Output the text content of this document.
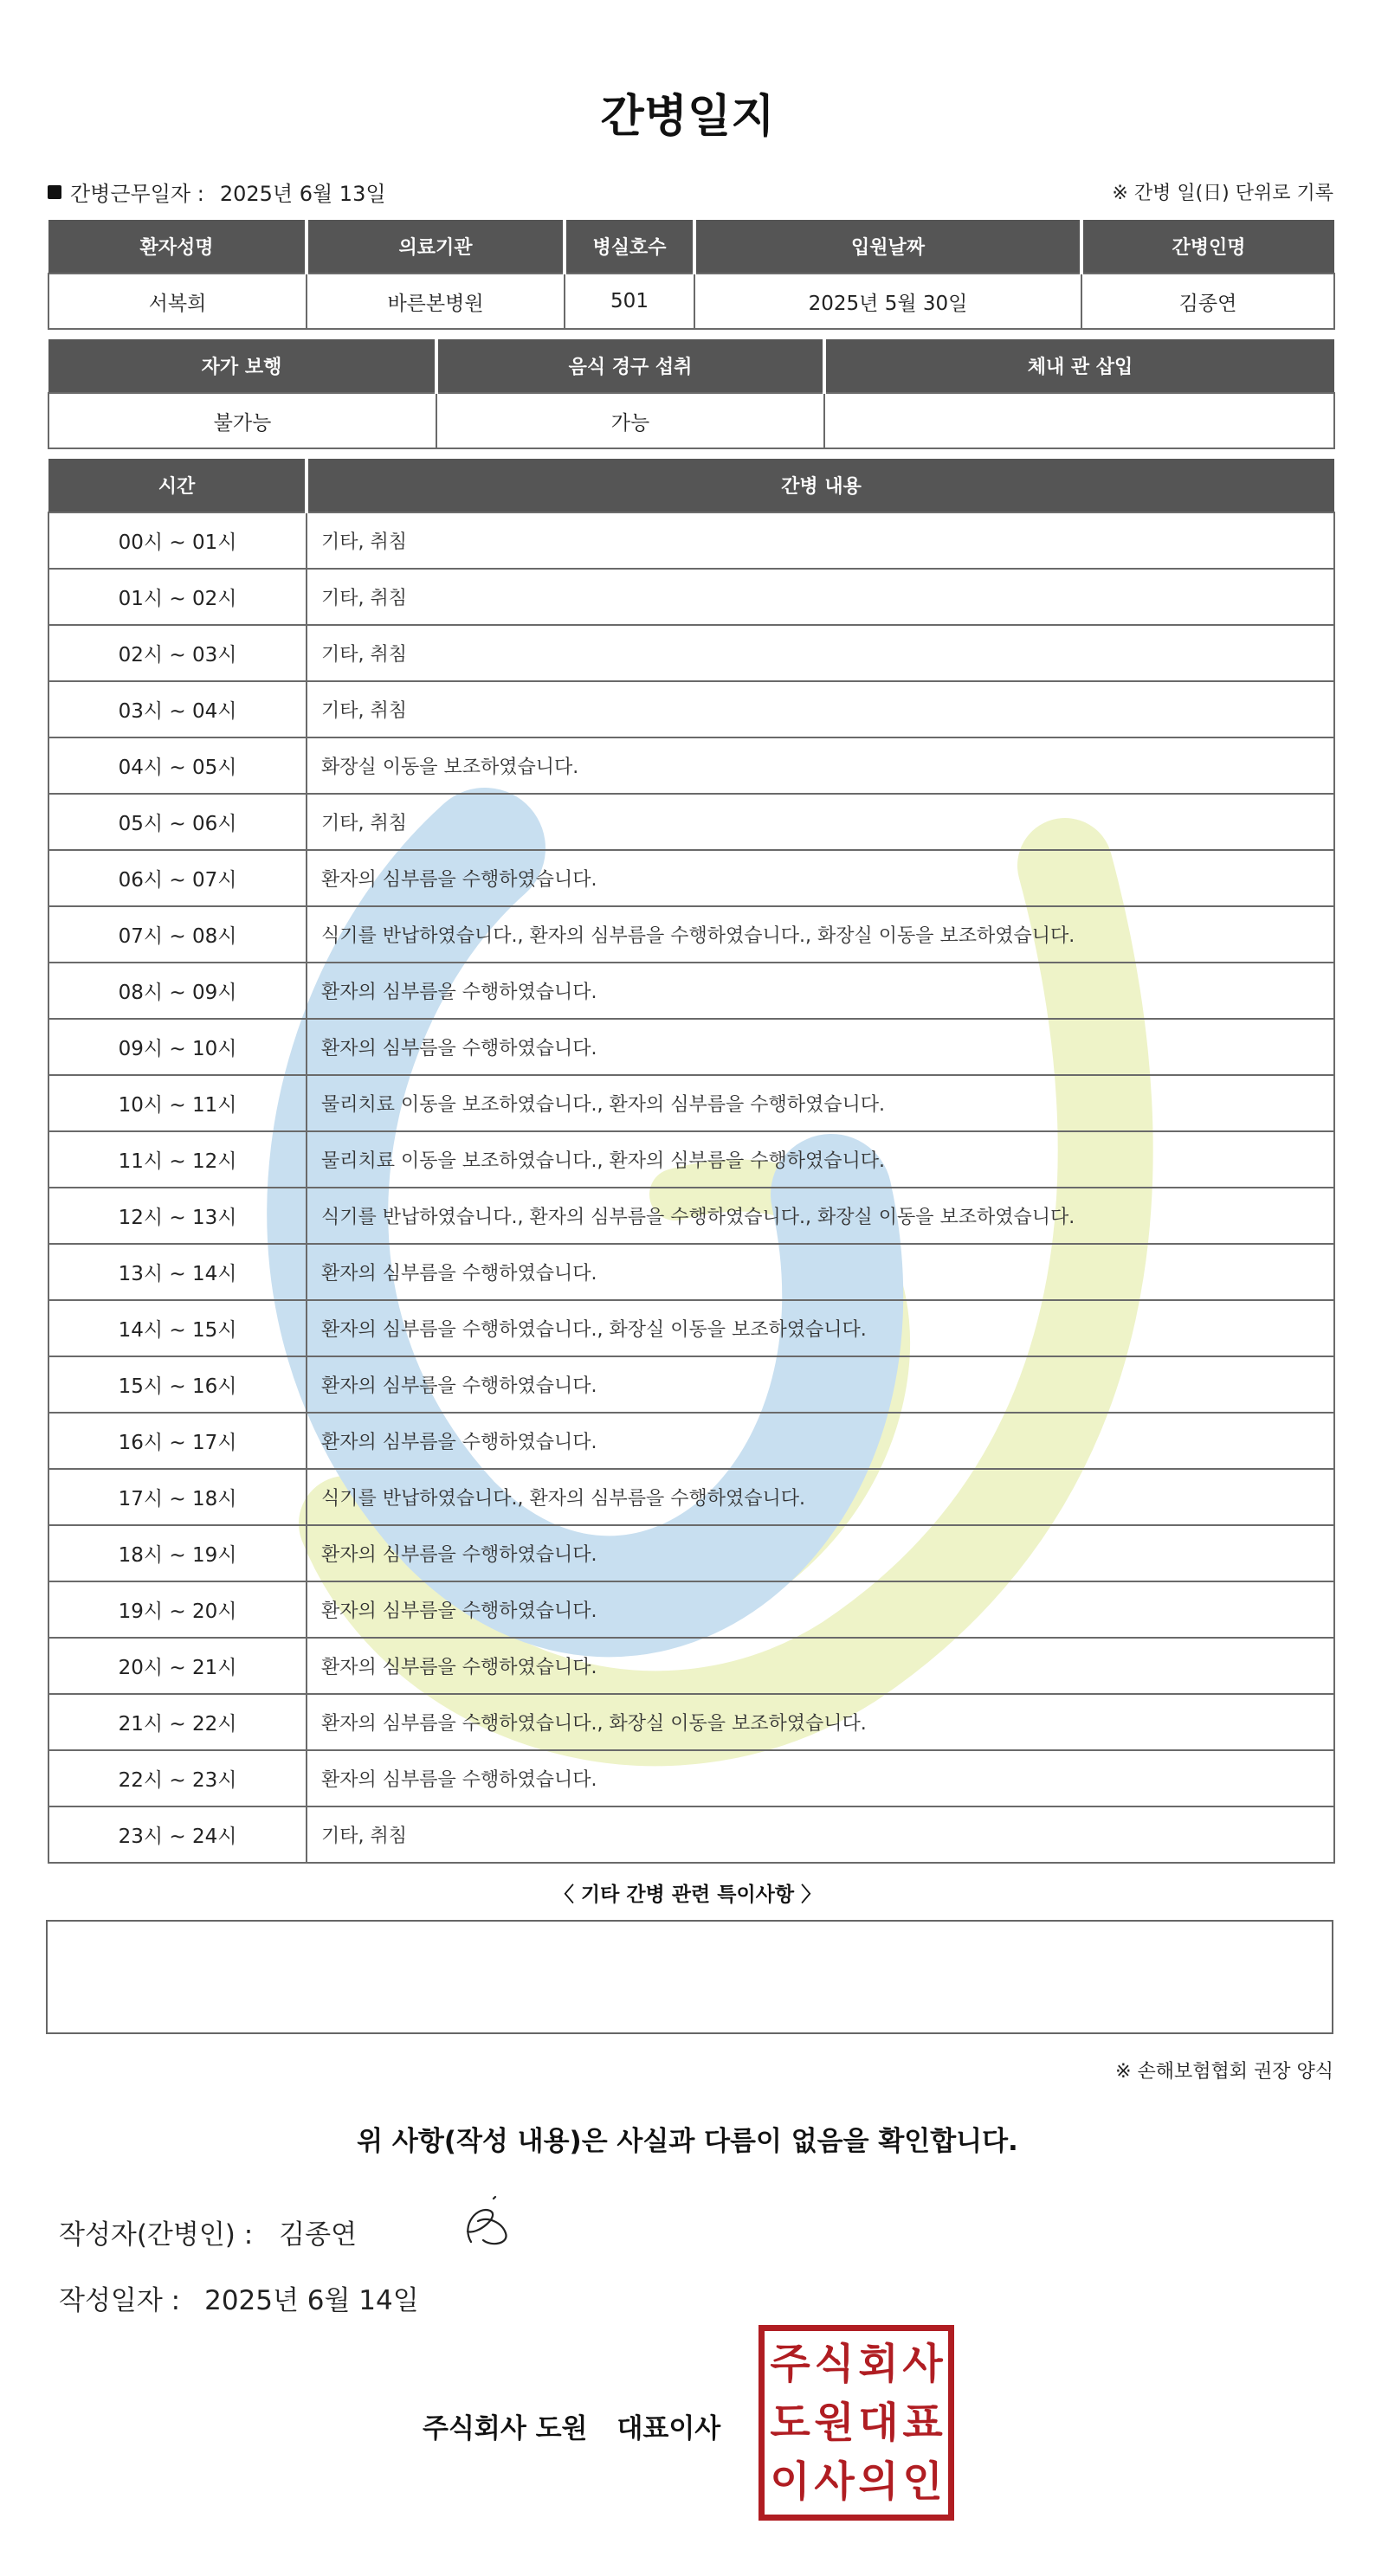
간병일지
간병근무일자 : 2025년 6월 13일	※ 간병 일(日) 단위로 기록
환자성명	의료기관	병실호수	입원날짜	간병인명
서복희	바른본병원	501	2025년 5월 30일	김종연
자가 보행	음식 경구 섭취	체내 관 삽입
불가능	가능	
시간	간병 내용
00시 ~ 01시	기타, 취침
01시 ~ 02시	기타, 취침
02시 ~ 03시	기타, 취침
03시 ~ 04시	기타, 취침
04시 ~ 05시	화장실 이동을 보조하였습니다.
05시 ~ 06시	기타, 취침
06시 ~ 07시	환자의 심부름을 수행하였습니다.
07시 ~ 08시	식기를 반납하였습니다., 환자의 심부름을 수행하였습니다., 화장실 이동을 보조하였습니다.
08시 ~ 09시	환자의 심부름을 수행하였습니다.
09시 ~ 10시	환자의 심부름을 수행하였습니다.
10시 ~ 11시	물리치료 이동을 보조하였습니다., 환자의 심부름을 수행하였습니다.
11시 ~ 12시	물리치료 이동을 보조하였습니다., 환자의 심부름을 수행하였습니다.
12시 ~ 13시	식기를 반납하였습니다., 환자의 심부름을 수행하였습니다., 화장실 이동을 보조하였습니다.
13시 ~ 14시	환자의 심부름을 수행하였습니다.
14시 ~ 15시	환자의 심부름을 수행하였습니다., 화장실 이동을 보조하였습니다.
15시 ~ 16시	환자의 심부름을 수행하였습니다.
16시 ~ 17시	환자의 심부름을 수행하였습니다.
17시 ~ 18시	식기를 반납하였습니다., 환자의 심부름을 수행하였습니다.
18시 ~ 19시	환자의 심부름을 수행하였습니다.
19시 ~ 20시	환자의 심부름을 수행하였습니다.
20시 ~ 21시	환자의 심부름을 수행하였습니다.
21시 ~ 22시	환자의 심부름을 수행하였습니다., 화장실 이동을 보조하였습니다.
22시 ~ 23시	환자의 심부름을 수행하였습니다.
23시 ~ 24시	기타, 취침
〈 기타 간병 관련 특이사항 〉
※ 손해보험협회 권장 양식
위 사항(작성 내용)은 사실과 다름이 없음을 확인합니다.
작성자(간병인) : 김종연
작성일자 : 2025년 6월 14일
주식회사 도원 대표이사
주 식 회 사
도 원 대 표
이 사 의 인
